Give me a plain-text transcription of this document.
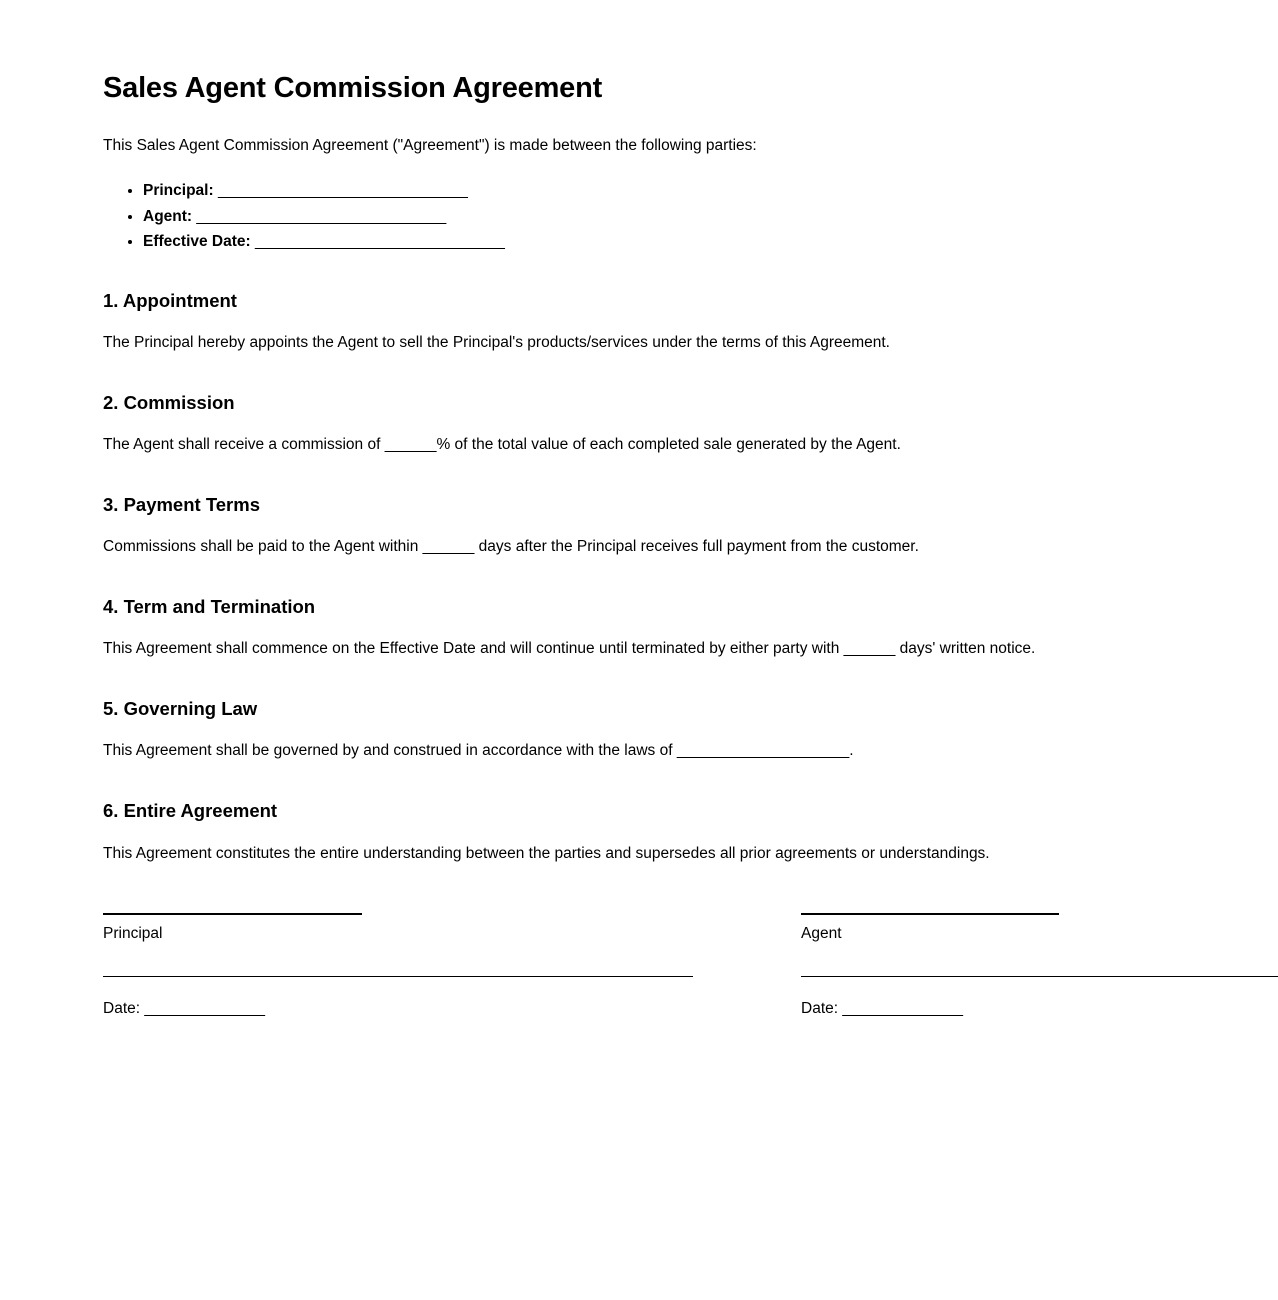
Sales Agent Commission Agreement

This Sales Agent Commission Agreement ("Agreement") is made between the following parties:

• Principal: ______________________________
• Agent: ______________________________
• Effective Date: ______________________________
1. Appointment

The Principal hereby appoints the Agent to sell the Principal's products/services under the terms of this Agreement.

2. Commission

The Agent shall receive a commission of ______% of the total value of each completed sale generated by the Agent.

3. Payment Terms

Commissions shall be paid to the Agent within ______ days after the Principal receives full payment from the customer.

4. Term and Termination

This Agreement shall commence on the Effective Date and will continue until terminated by either party with ______ days' written notice.

5. Governing Law

This Agreement shall be governed by and construed in accordance with the laws of ____________________.

6. Entire Agreement

This Agreement constitutes the entire understanding between the parties and supersedes all prior agreements or understandings.

Principal		Agent

Date: ______________		Date: ______________
